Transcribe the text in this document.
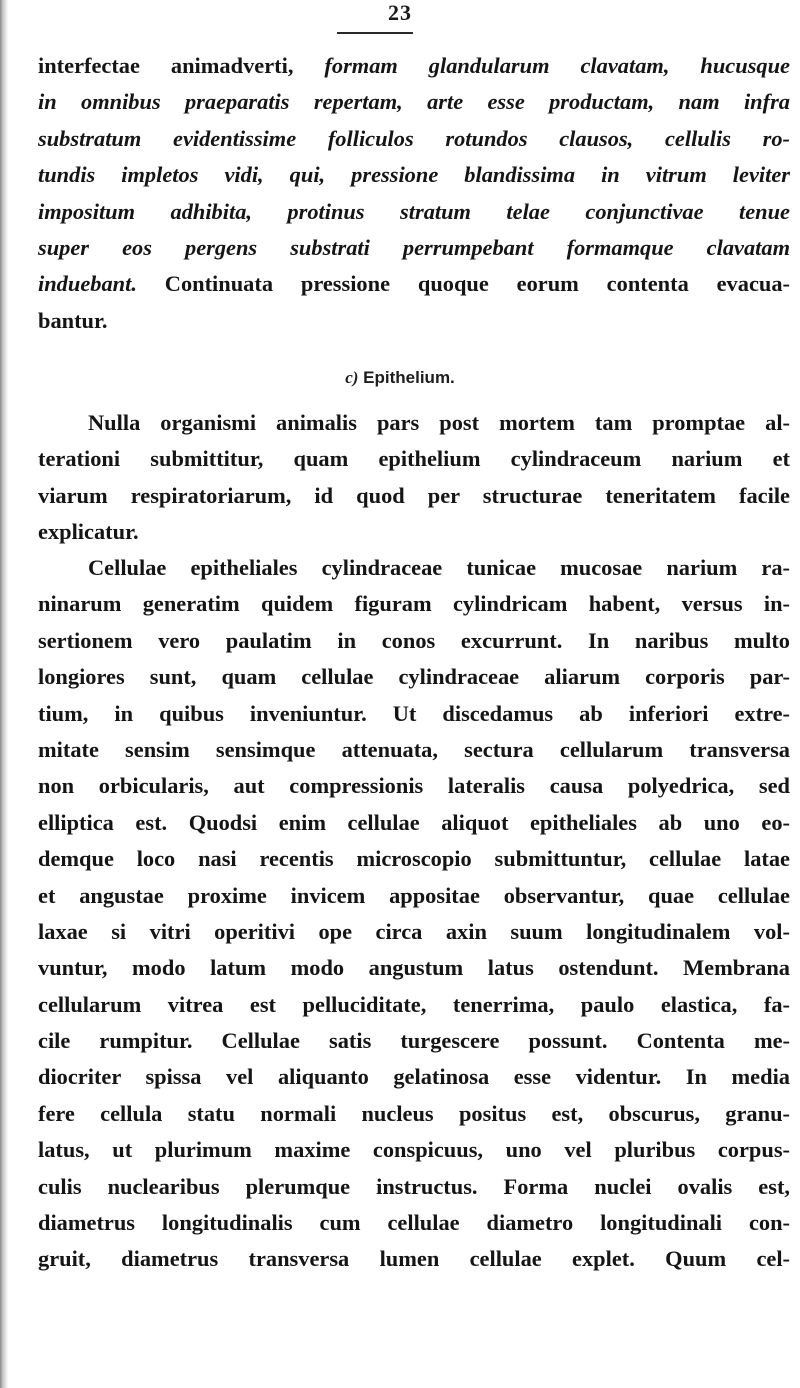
23
interfectae animadverti, formam glandularum clavatam, hucusque
in omnibus praeparatis repertam, arte esse productam, nam infra
substratum evidentissime folliculos rotundos clausos, cellulis ro-
tundis impletos vidi, qui, pressione blandissima in vitrum leviter
impositum adhibita, protinus stratum telae conjunctivae tenue
super eos pergens substrati perrumpebant formamque clavatam
induebant. Continuata pressione quoque eorum contenta evacua-
bantur.
c) Epithelium.
Nulla organismi animalis pars post mortem tam promptae al-
terationi submittitur, quam epithelium cylindraceum narium et
viarum respiratoriarum, id quod per structurae teneritatem facile
explicatur.
Cellulae epitheliales cylindraceae tunicae mucosae narium ra-
ninarum generatim quidem figuram cylindricam habent, versus in-
sertionem vero paulatim in conos excurrunt. In naribus multo
longiores sunt, quam cellulae cylindraceae aliarum corporis par-
tium, in quibus inveniuntur. Ut discedamus ab inferiori extre-
mitate sensim sensimque attenuata, sectura cellularum transversa
non orbicularis, aut compressionis lateralis causa polyedrica, sed
elliptica est. Quodsi enim cellulae aliquot epitheliales ab uno eo-
demque loco nasi recentis microscopio submittuntur, cellulae latae
et angustae proxime invicem appositae observantur, quae cellulae
laxae si vitri operitivi ope circa axin suum longitudinalem vol-
vuntur, modo latum modo angustum latus ostendunt. Membrana
cellularum vitrea est pelluciditate, tenerrima, paulo elastica, fa-
cile rumpitur. Cellulae satis turgescere possunt. Contenta me-
diocriter spissa vel aliquanto gelatinosa esse videntur. In media
fere cellula statu normali nucleus positus est, obscurus, granu-
latus, ut plurimum maxime conspicuus, uno vel pluribus corpus-
culis nuclearibus plerumque instructus. Forma nuclei ovalis est,
diametrus longitudinalis cum cellulae diametro longitudinali con-
gruit, diametrus transversa lumen cellulae explet. Quum cel-
